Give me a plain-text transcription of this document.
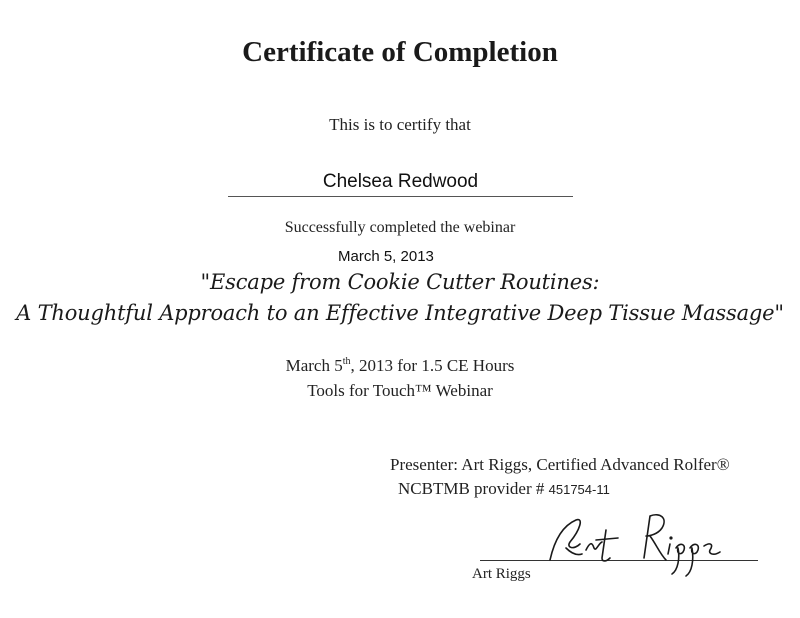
Certificate of Completion
This is to certify that
Chelsea Redwood
Successfully completed the webinar
March 5, 2013
"Escape from Cookie Cutter Routines:
A Thoughtful Approach to an Effective Integrative Deep Tissue Massage"
March 5th, 2013 for 1.5 CE Hours
Tools for Touch™ Webinar
Presenter: Art Riggs, Certified Advanced Rolfer®
NCBTMB provider # 451754-11
Art Riggs
